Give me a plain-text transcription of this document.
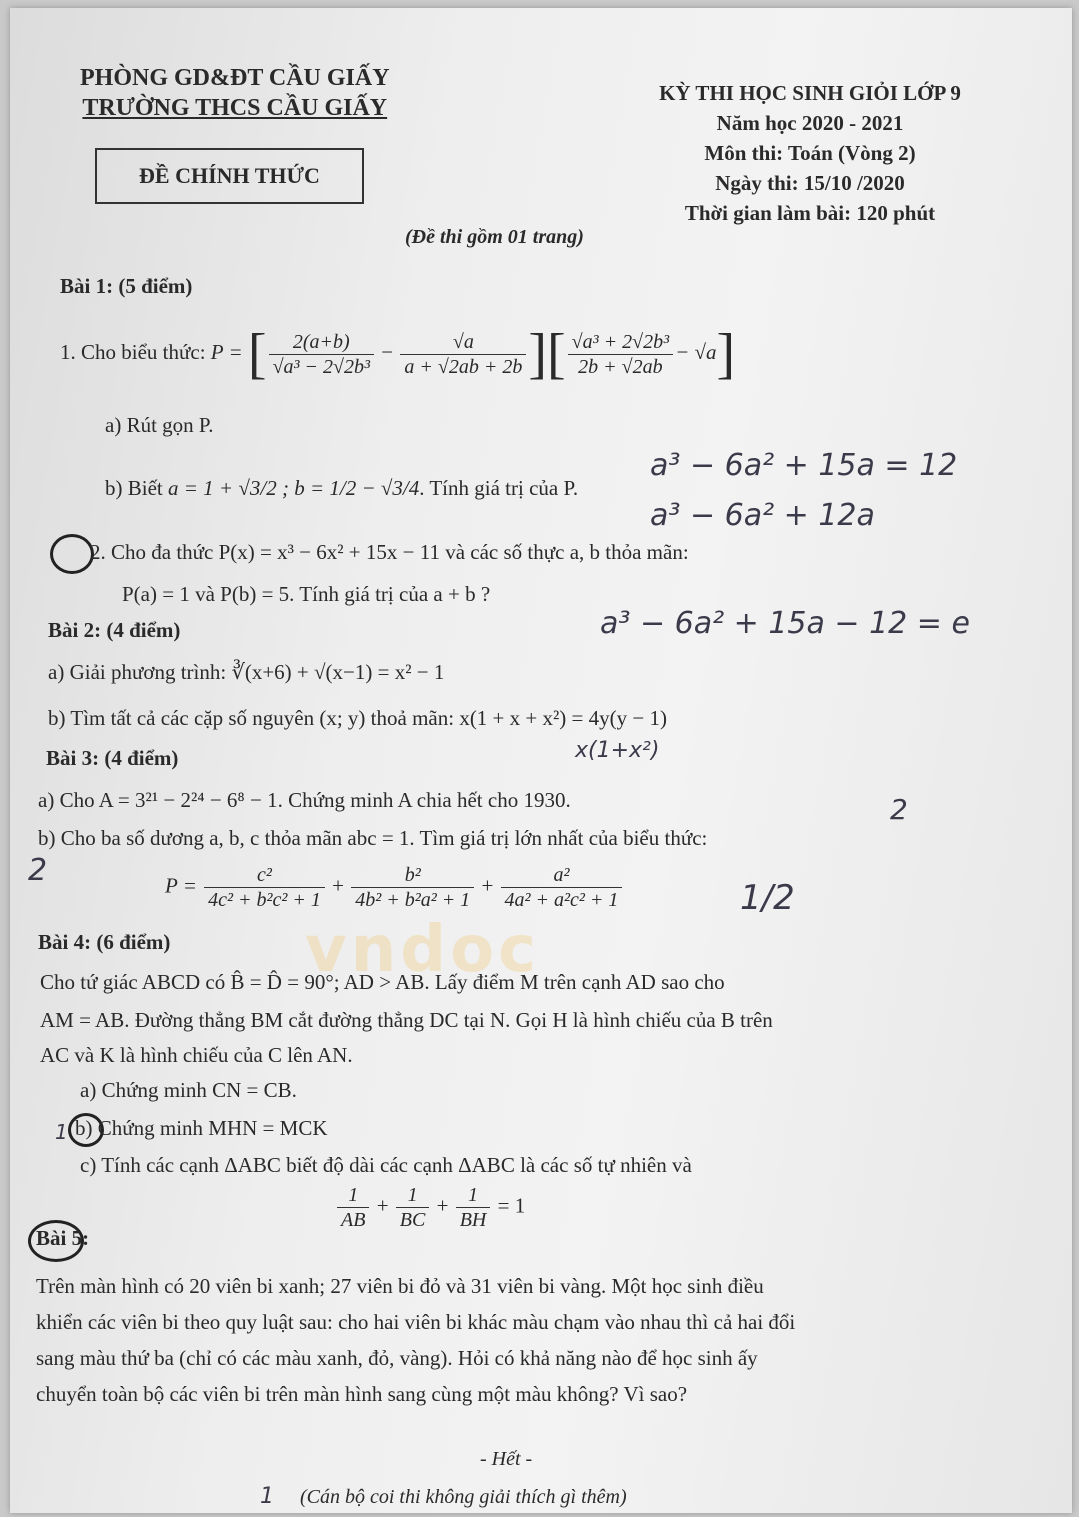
PHÒNG GD&ĐT CẦU GIẤY

TRƯỜNG THCS CẦU GIẤY

ĐỀ CHÍNH THỨC

KỲ THI HỌC SINH GIỎI LỚP 9

Năm học 2020 - 2021

Môn thi: Toán (Vòng 2)

Ngày thi: 15/10 /2020

Thời gian làm bài: 120 phút

(Đề thi gồm 01 trang)
Bài 1: (5 điểm)
1. Cho biểu thức: P = [ $\frac{2(a+b)}{\text{√a³ − 2√2b³}} - \frac{√a}{a + √2ab + 2b}$ ][ $\frac{\text{√a³ + 2√2b³}}{2b + √2ab} - √a$]
a) Rút gọn P.
b) Biết a = 1 + √3/2 ; b = 1/2 − √3/4. Tính giá trị của P.
2. Cho đa thức P(x) = x³ − 6x² + 15x − 11 và các số thực a, b thỏa mãn:
P(a) = 1 và P(b) = 5. Tính giá trị của a + b ?
Bài 2: (4 điểm)
a) Giải phương trình: ∛(x+6) + √(x−1) = x² − 1
b) Tìm tất cả các cặp số nguyên (x; y) thoả mãn: x(1 + x + x²) = 4y(y − 1)
Bài 3: (4 điểm)
a) Cho A = 3²¹ − 2²⁴ − 6⁸ − 1. Chứng minh A chia hết cho 1930.
b) Cho ba số dương a, b, c thỏa mãn abc = 1. Tìm giá trị lớn nhất của biểu thức:
$P = \frac{\text{c²}}{\text{4c² + b²c² + 1}} + \frac{\text{b²}}{\text{4b² + b²a² + 1}} + \frac{\text{a²}}{\text{4a² + a²c² + 1}}$
Bài 4: (6 điểm)
Cho tứ giác ABCD có B̂ = D̂ = 90°; AD > AB. Lấy điểm M trên cạnh AD sao cho
AM = AB. Đường thẳng BM cắt đường thẳng DC tại N. Gọi H là hình chiếu của B trên
AC và K là hình chiếu của C lên AN.
a) Chứng minh CN = CB.
b) Chứng minh MHN = MCK
c) Tính các cạnh ΔABC biết độ dài các cạnh ΔABC là các số tự nhiên và
$\frac{1}{AB} + \frac{1}{BC} + \frac{1}{BH} = 1$
Bài 5:
Trên màn hình có 20 viên bi xanh; 27 viên bi đỏ và 31 viên bi vàng. Một học sinh điều
khiển các viên bi theo quy luật sau: cho hai viên bi khác màu chạm vào nhau thì cả hai đổi
sang màu thứ ba (chỉ có các màu xanh, đỏ, vàng). Hỏi có khả năng nào để học sinh ấy
chuyển toàn bộ các viên bi trên màn hình sang cùng một màu không? Vì sao?
- Hết -
(Cán bộ coi thi không giải thích gì thêm)
vndoc
a³ − 6a² + 15a = 12
a³ − 6a² + 12a
a³ − 6a² + 15a − 12 = e
x(1+x²)
1/2
2
1
1
2
